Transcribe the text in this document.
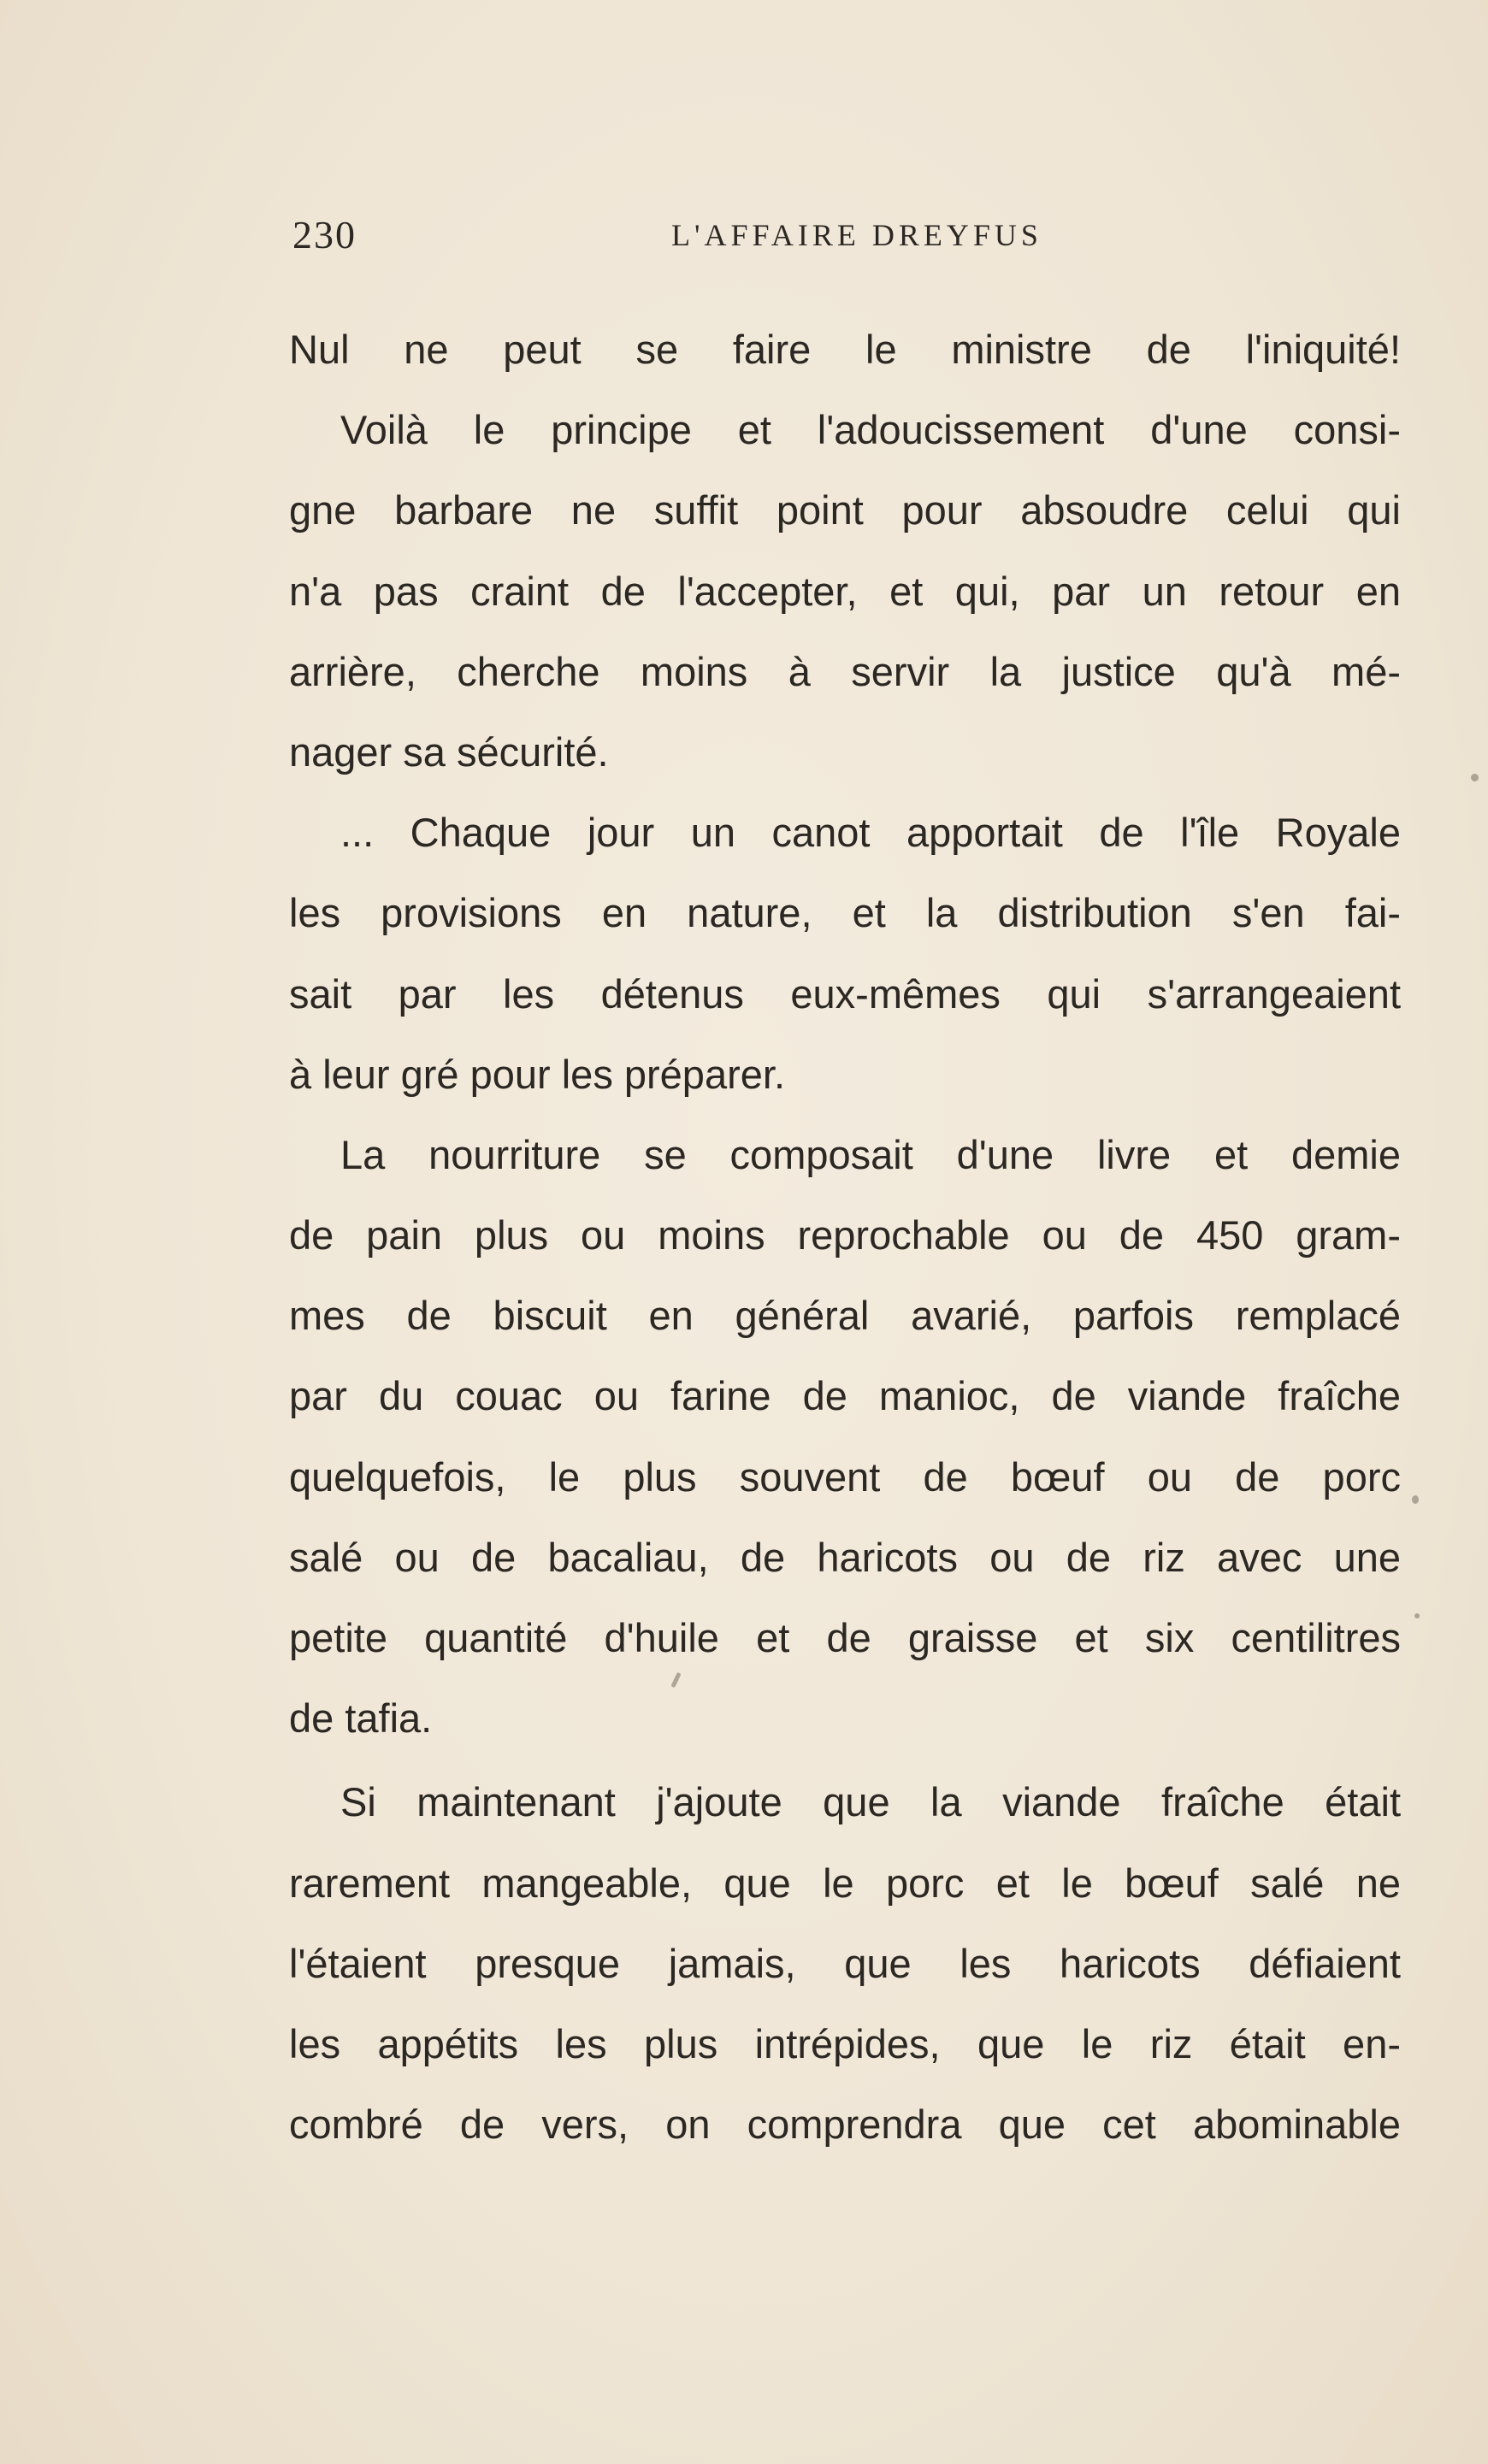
230	L'AFFAIRE DREYFUS
Nul ne peut se faire le ministre de l'iniquité!
Voilà le principe et l'adoucissement d'une consi-
gne barbare ne suffit point pour absoudre celui qui
n'a pas craint de l'accepter, et qui, par un retour en
arrière, cherche moins à servir la justice qu'à mé-
nager sa sécurité.
... Chaque jour un canot apportait de l'île Royale
les provisions en nature, et la distribution s'en fai-
sait par les détenus eux-mêmes qui s'arrangeaient
à leur gré pour les préparer.
La nourriture se composait d'une livre et demie
de pain plus ou moins reprochable ou de 450 gram-
mes de biscuit en général avarié, parfois remplacé
par du couac ou farine de manioc, de viande fraîche
quelquefois, le plus souvent de bœuf ou de porc
salé ou de bacaliau, de haricots ou de riz avec une
petite quantité d'huile et de graisse et six centilitres
de tafia.
Si maintenant j'ajoute que la viande fraîche était
rarement mangeable, que le porc et le bœuf salé ne
l'étaient presque jamais, que les haricots défiaient
les appétits les plus intrépides, que le riz était en-
combré de vers, on comprendra que cet abominable
